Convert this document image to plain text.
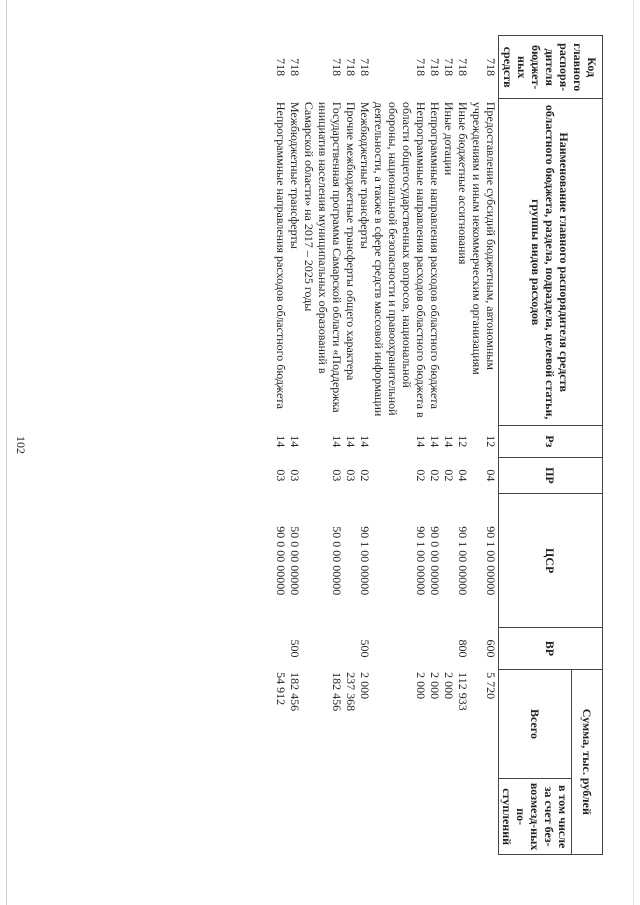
Код главного распоря-дителя бюджет-ных средств	Наименование главного распорядителя средств областного бюджета, раздела, подраздела, целевой статьи, группы видов расходов	Рз	ПР	ЦСР	ВР	Сумма, тыс. рублей	
						Всего	в том числе за счет без-возмезд-ных по-ступлений
718	Предоставление субсидий бюджетным, автономным учреждениям и иным некоммерческим организациям	12	04	90 1 00 00000	600	5 720	
718	Иные бюджетные ассигнования	12	04	90 1 00 00000	800	112 933	
718	Иные дотации	14	02			2 000	
718	Непрограммные направления расходов областного бюджета	14	02	90 0 00 00000		2 000	
718	Непрограммные направления расходов областного бюджета в области общегосударственных вопросов, национальной обороны, национальной безопасности и правоохранительной деятельности, а также в сфере средств массовой информации	14	02	90 1 00 00000		2 000	
718	Межбюджетные трансферты	14	02	90 1 00 00000	500	2 000	
718	Прочие межбюджетные трансферты общего характера	14	03			237 368	
718	Государственная программа Самарской области «Поддержка инициатив населения муниципальных образований в Самарской области» на 2017 – 2025 годы	14	03	50 0 00 00000		182 456	
718	Межбюджетные трансферты	14	03	50 0 00 00000	500	182 456	
718	Непрограммные направления расходов областного бюджета	14	03	90 0 00 00000		54 912	
102
